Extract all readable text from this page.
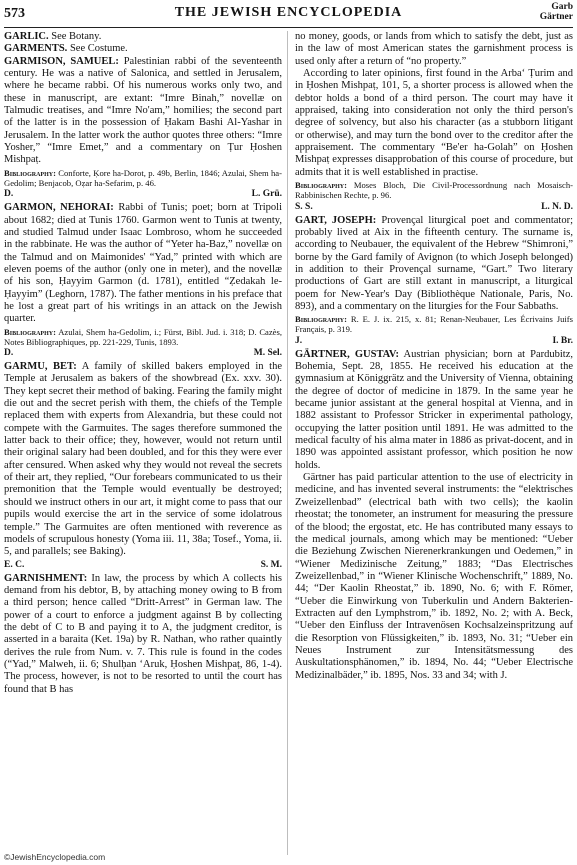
573	THE JEWISH ENCYCLOPEDIA	Garb
Gärtner

GARLIC. See Botany.

GARMENTS. See Costume.

GARMISON, SAMUEL: Palestinian rabbi of the seventeenth century. He was a native of Salonica, and settled in Jerusalem, where he became rabbi. Of his numerous works only two, and these in manuscript, are extant: “Imre Binah,” novellæ on Talmudic treatises, and “Imre No'am,” homilies; the second part of the latter is in the possession of Ḥakam Bashi Al-Yashar in Jerusalem. In the latter work the author quotes three others: “Imre Yosher,” “Imre Emet,” and a commentary on Ṭur Ḥoshen Mishpaṭ.

Bibliography: Conforte, Ḳore ha-Dorot, p. 49b, Berlin, 1846; Azulai, Shem ha-Gedolim; Benjacob, Oẓar ha-Sefarim, p. 46.
D.	L. Grü.

GARMON, NEHORAI: Rabbi of Tunis; poet; born at Tripoli about 1682; died at Tunis 1760. Garmon went to Tunis at twenty, and studied Talmud under Isaac Lombroso, whom he succeeded in the rabbinate. He was the author of “Yeter ha-Baz,” novellæ on the Talmud and on Maimonides' “Yad,” printed with which are eleven poems of the author (only one in meter), and the novellæ of his son, Ḥayyim Garmon (d. 1781), entitled “Ẓedakah le-Ḥayyim” (Leghorn, 1787). The father mentions in his preface that he lost a great part of his writings in an attack on the Jewish quarter.

Bibliography: Azulai, Shem ha-Gedolim, i.; Fürst, Bibl. Jud. i. 318; D. Cazès, Notes Bibliographiques, pp. 221-229, Tunis, 1893.
D.	M. Sel.

GARMU, BET: A family of skilled bakers employed in the Temple at Jerusalem as bakers of the showbread (Ex. xxv. 30). They kept secret their method of baking. Fearing the family might die out and the secret perish with them, the chiefs of the Temple replaced them with experts from Alexandria, but these could not compete with the Garmuites. The sages therefore summoned the latter back to their office; they, however, would not return until their original salary had been doubled, and for this they were ever after censured. When asked why they would not reveal the secrets of their art, they replied, “Our forebears communicated to us their premonition that the Temple would eventually be destroyed; should we instruct others in our art, it might come to pass that our pupils would exercise the art in the service of some idolatrous temple.” The Garmuites are often mentioned with reverence as models of scrupulous honesty (Yoma iii. 11, 38a; Tosef., Yoma, ii. 5, and parallels; see Baking).

E. C.	S. M.

GARNISHMENT: In law, the process by which A collects his demand from his debtor, B, by attaching money owing to B from a third person; hence called “Dritt-Arrest” in German law. The power of a court to enforce a judgment against B by collecting the debt of C to B and paying it to A, the judgment creditor, is asserted in a baraita (Ket. 19a) by R. Nathan, who rather quaintly derives the rule from Num. v. 7. This rule is found in the codes (“Yad,” Malweh, ii. 6; Shulḥan ʻAruk, Ḥoshen Mishpaṭ, 86, 1-4). The process, however, is not to be resorted to until the court has found that B has

no money, goods, or lands from which to satisfy the debt, just as in the law of most American states the garnishment process is used only after a return of “no property.”

According to later opinions, first found in the Arbaʻ Ṭurim and in Ḥoshen Mishpaṭ, 101, 5, a shorter process is allowed when the debtor holds a bond of a third person. The court may have it appraised, taking into consideration not only the third person's degree of solvency, but also his character (as a stubborn litigant or otherwise), and may turn the bond over to the creditor after the appraisement. The commentary “Be'er ha-Golah” on Ḥoshen Mishpaṭ expresses disapprobation of this course of procedure, but admits that it is well established in practise.

Bibliography: Moses Bloch, Die Civil-Processordnung nach Mosaisch-Rabbinischen Rechte, p. 96.
S. S.	L. N. D.

GART, JOSEPH: Provençal liturgical poet and commentator; probably lived at Aix in the fifteenth century. The surname is, according to Neubauer, the equivalent of the Hebrew “Shimroni,” borne by the Gard family of Avignon (to which Joseph belonged) in addition to their Provençal surname, “Gart.” Two literary productions of Gart are still extant in manuscript, a liturgical poem for New-Year's Day (Bibliothèque Nationale, Paris, No. 893), and a commentary on the liturgies for the Four Sabbaths.

Bibliography: R. E. J. ix. 215, x. 81; Renan-Neubauer, Les Écrivains Juifs Français, p. 319.
J.	I. Br.

GÄRTNER, GUSTAV: Austrian physician; born at Pardubitz, Bohemia, Sept. 28, 1855. He received his education at the gymnasium at Königgrätz and the University of Vienna, obtaining the degree of doctor of medicine in 1879. In the same year he became junior assistant at the general hospital at Vienna, and in 1882 assistant to Professor Stricker in experimental pathology, occupying the latter position until 1891. He was admitted to the medical faculty of his alma mater in 1886 as privat-docent, and in 1890 was appointed assistant professor, which position he now holds.

Gärtner has paid particular attention to the use of electricity in medicine, and has invented several instruments: the “elektrisches Zweizellenbad” (electrical bath with two cells); the kaolin rheostat; the tonometer, an instrument for measuring the pressure of the blood; the ergostat, etc. He has contributed many essays to the medical journals, among which may be mentioned: “Ueber die Beziehung Zwischen Nierenerkrankungen und Oedemen,” in “Wiener Medizinische Zeitung,” 1883; “Das Electrisches Zweizellenbad,” in “Wiener Klinische Wochenschrift,” 1889, No. 44; “Der Kaolin Rheostat,” ib. 1890, No. 6; with F. Römer, “Ueber die Einwirkung von Tuberkulin und Andern Bakterien-Extracten auf den Lymphstrom,” ib. 1892, No. 2; with A. Beck, “Ueber den Einfluss der Intravenösen Kochsalzeinspritzung auf die Resorption von Flüssigkeiten,” ib. 1893, No. 31; “Ueber ein Neues Instrument zur Intensitätsmessung des Auskultationsphänomen,” ib. 1894, No. 44; “Ueber Electrische Medizinalbäder,” ib. 1895, Nos. 33 and 34; with J.

©JewishEncyclopedia.com
